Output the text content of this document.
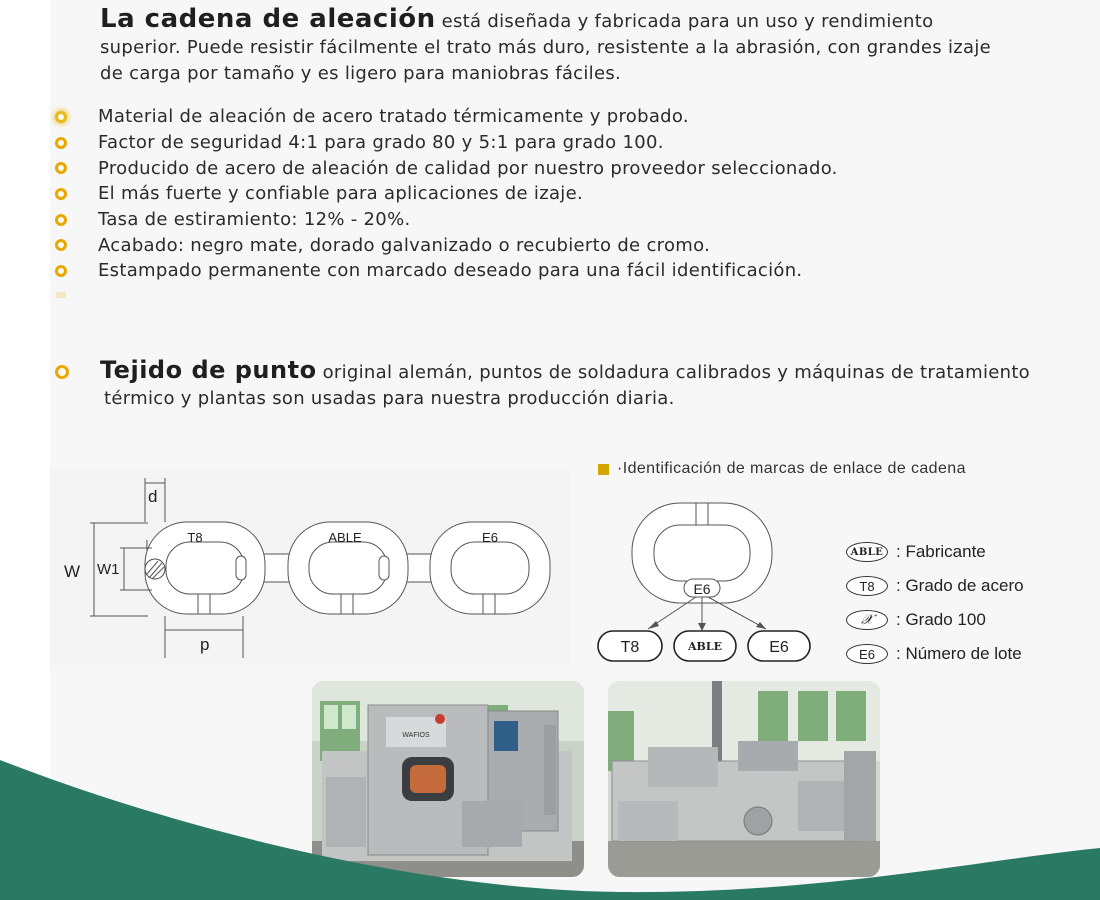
La cadena de aleación está diseñada y fabricada para un uso y rendimiento
superior. Puede resistir fácilmente el trato más duro, resistente a la abrasión, con grandes izaje
de carga por tamaño y es ligero para maniobras fáciles.
Material de aleación de acero tratado térmicamente y probado.
Factor de seguridad 4:1 para grado 80 y 5:1 para grado 100.
Producido de acero de aleación de calidad por nuestro proveedor seleccionado.
El más fuerte y confiable para aplicaciones de izaje.
Tasa de estiramiento: 12% - 20%.
Acabado: negro mate, dorado galvanizado o recubierto de cromo.
Estampado permanente con marcado deseado para una fácil identificación.
Tejido de punto original alemán, puntos de soldadura calibrados y máquinas de tratamiento
térmico y plantas son usadas para nuestra producción diaria.
d
W W1
p
T8	ABLE	E6
·Identificación de marcas de enlace de cadena
E6
T8	ABLE	E6
ABLE : Fabricante
T8	: Grado de acero
𝒳	: Grado 100
E6	: Número de lote
WAFIOS
